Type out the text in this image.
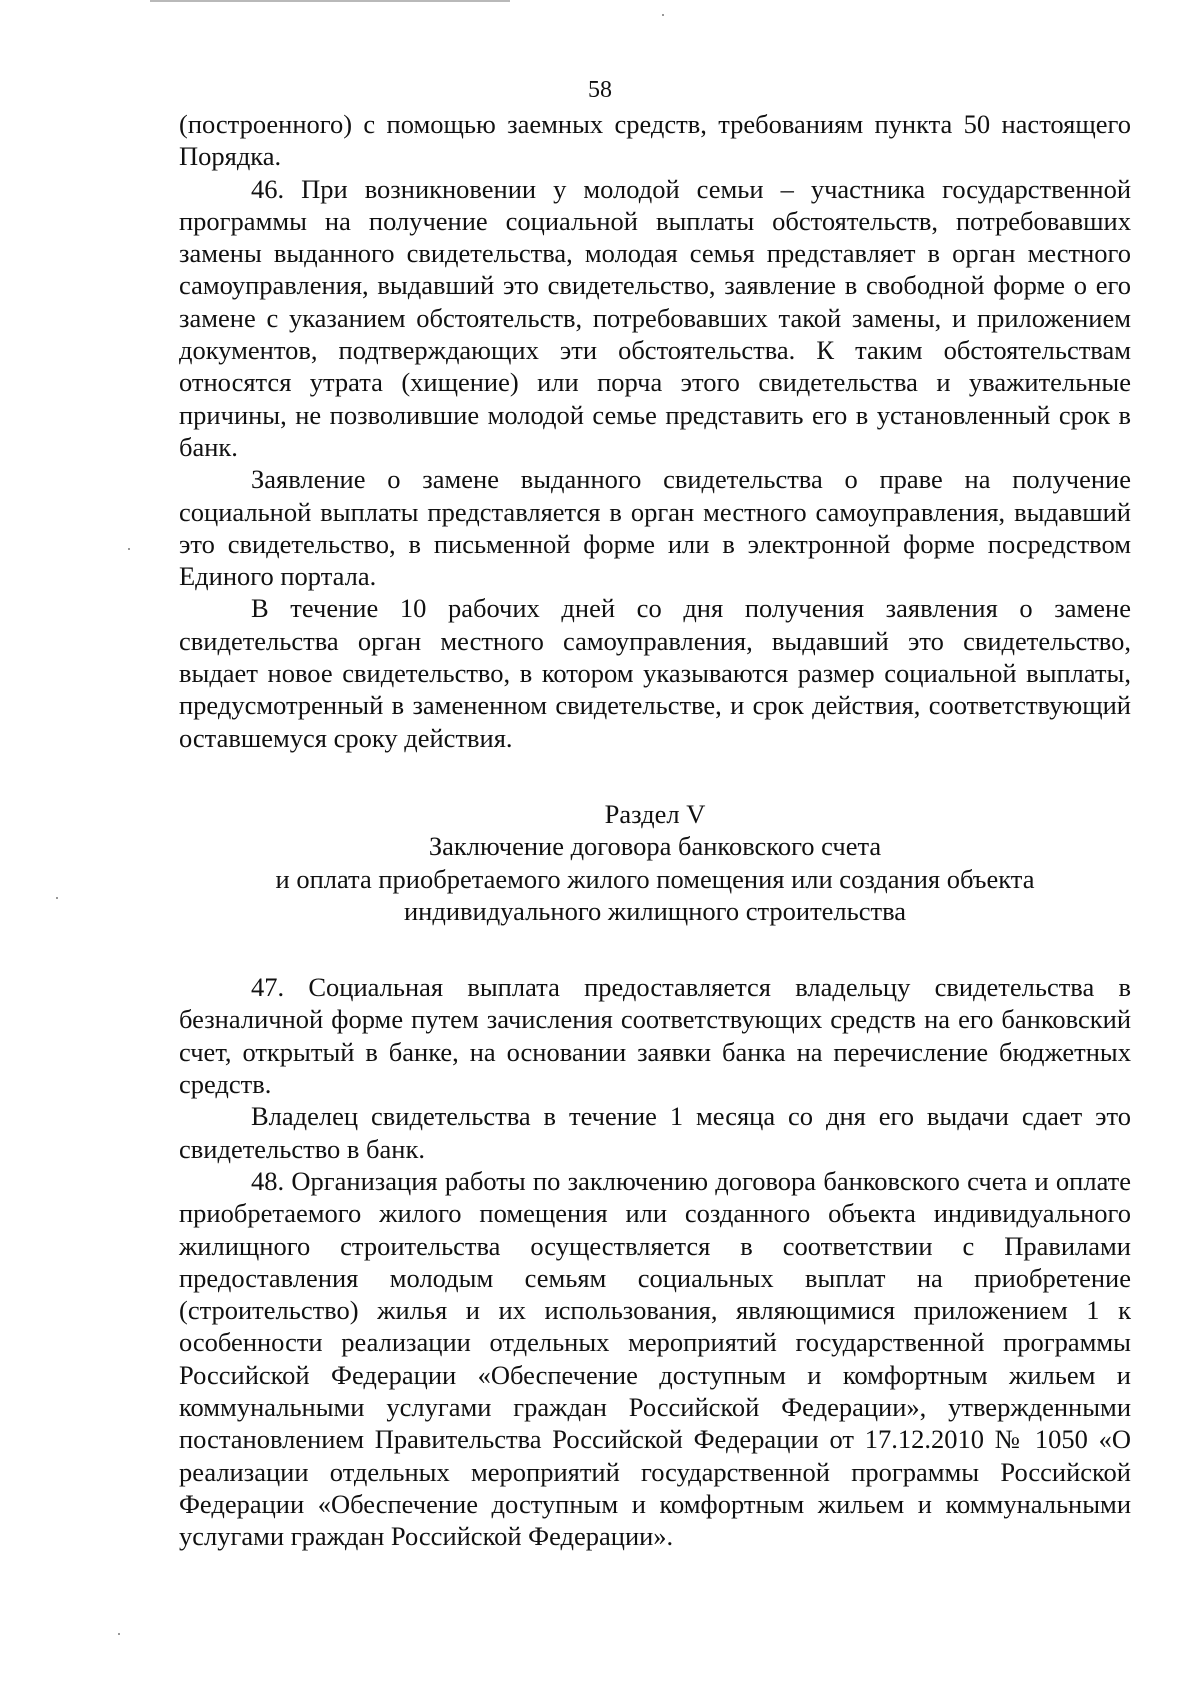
58

(построенного) с помощью заемных средств, требованиям пункта 50 настоящего Порядка.

46. При возникновении у молодой семьи – участника государственной программы на получение социальной выплаты обстоятельств, потребовавших замены выданного свидетельства, молодая семья представляет в орган местного самоуправления, выдавший это свидетельство, заявление в свободной форме о его замене с указанием обстоятельств, потребовавших такой замены, и приложением документов, подтверждающих эти обстоятельства. К таким обстоятельствам относятся утрата (хищение) или порча этого свидетельства и уважительные причины, не позволившие молодой семье представить его в установленный срок в банк.

Заявление о замене выданного свидетельства о праве на получение социальной выплаты представляется в орган местного самоуправления, выдавший это свидетельство, в письменной форме или в электронной форме посредством Единого портала.

В течение 10 рабочих дней со дня получения заявления о замене свидетельства орган местного самоуправления, выдавший это свидетельство, выдает новое свидетельство, в котором указываются размер социальной выплаты, предусмотренный в замененном свидетельстве, и срок действия, соответствующий оставшемуся сроку действия.

Раздел V

Заключение договора банковского счета

и оплата приобретаемого жилого помещения или создания объекта

индивидуального жилищного строительства

47. Социальная выплата предоставляется владельцу свидетельства в безналичной форме путем зачисления соответствующих средств на его банковский счет, открытый в банке, на основании заявки банка на перечисление бюджетных средств.

Владелец свидетельства в течение 1 месяца со дня его выдачи сдает это свидетельство в банк.

48. Организация работы по заключению договора банковского счета и оплате приобретаемого жилого помещения или созданного объекта индивидуального жилищного строительства осуществляется в соответствии с Правилами предоставления молодым семьям социальных выплат на приобретение (строительство) жилья и их использования, являющимися приложением 1 к особенности реализации отдельных мероприятий государственной программы Российской Федерации «Обеспечение доступным и комфортным жильем и коммунальными услугами граждан Российской Федерации», утвержденными постановлением Правительства Российской Федерации от 17.12.2010 № 1050 «О реализации отдельных мероприятий государственной программы Российской Федерации «Обеспечение доступным и комфортным жильем и коммунальными услугами граждан Российской Федерации».
